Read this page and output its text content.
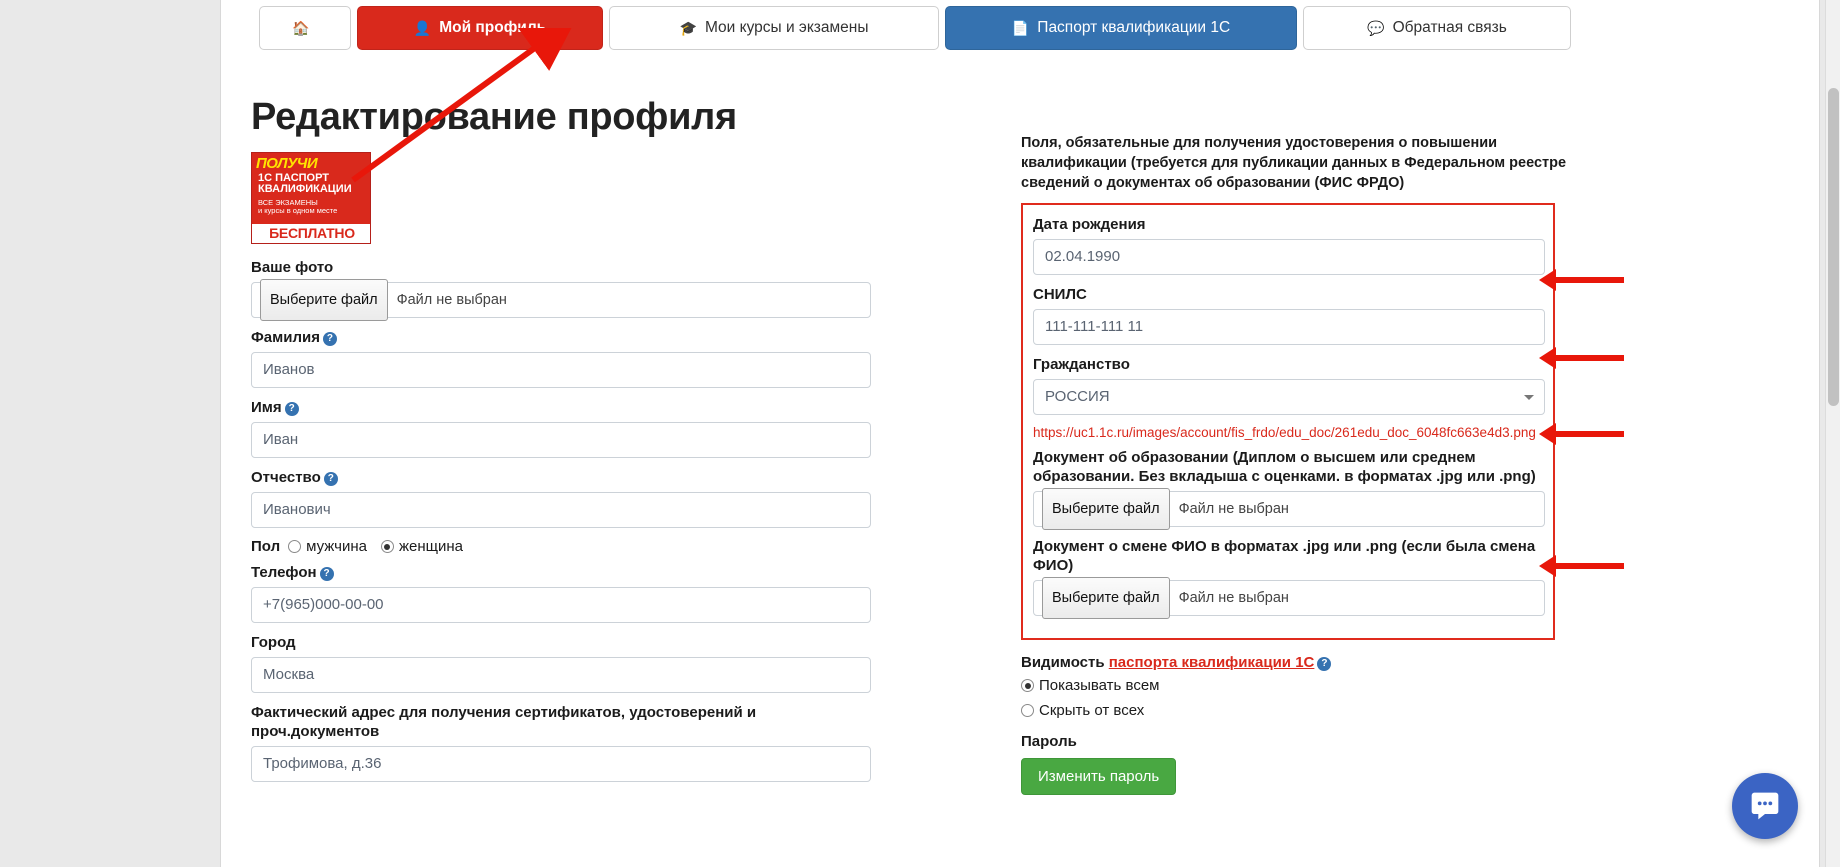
🏠	👤 Мой профиль	🎓 Мои курсы и экзамены	📄 Паспорт квалификации 1С	💬 Обратная связь
Редактирование профиля
ПОЛУЧИ
1С ПАСПОРТ
КВАЛИФИКАЦИИ
ВСЕ ЭКЗАМЕНЫ
и курсы в одном месте
БЕСПЛАТНО
Ваше фото
Выберите файл	Файл не выбран
Фамилия ?
Иванов
Имя ?
Иван
Отчество ?
Иванович
Пол мужчина женщина
Телефон ?
+7(965)000-00-00
Город
Москва
Фактический адрес для получения сертификатов, удостоверений и проч.документов
Трофимова, д.36
Поля, обязательные для получения удостоверения о повышении квалификации (требуется для публикации данных в Федеральном реестре сведений о документах об образовании (ФИС ФРДО)
Дата рождения
02.04.1990
СНИЛС
111-111-111 11
Гражданство
РОССИЯ
https://uc1.1c.ru/images/account/fis_frdo/edu_doc/261edu_doc_6048fc663e4d3.png
Документ об образовании (Диплом о высшем или среднем образовании. Без вкладыша с оценками. в форматах .jpg или .png)
Выберите файл	Файл не выбран
Документ о смене ФИО в форматах .jpg или .png (если была смена ФИО)
Выберите файл	Файл не выбран
Видимость паспорта квалификации 1С ?
Показывать всем
Скрыть от всех
Пароль
Изменить пароль
